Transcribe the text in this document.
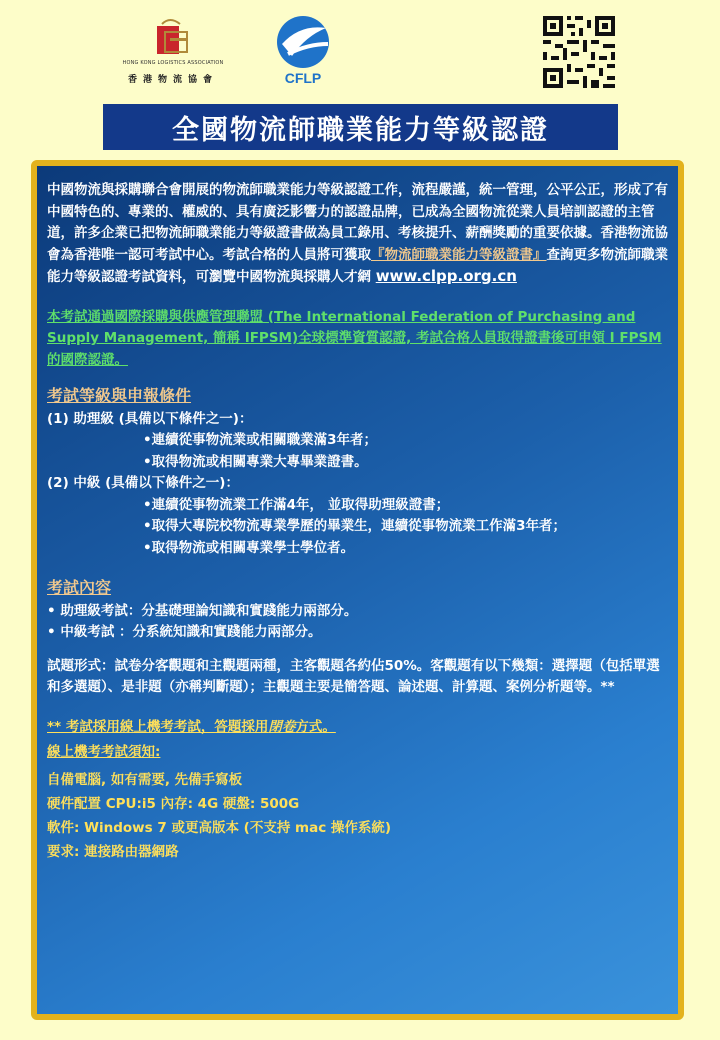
HONG KONG LOGISTICS ASSOCIATION
香港物流協會	CFLP
全國物流師職業能力等級認證

中國物流與採購聯合會開展的物流師職業能力等級認證工作，流程嚴謹，統一管理，公平公正，形成了有中國特色的、專業的、權威的、具有廣泛影響力的認證品牌，已成為全國物流從業人員培訓認證的主管道，許多企業已把物流師職業能力等級證書做為員工錄用、考核提升、薪酬獎勵的重要依據。香港物流協會為香港唯一認可考試中心。考試合格的人員將可獲取『物流師職業能力等級證書』查詢更多物流師職業能力等級認證考試資料，可瀏覽中國物流與採購人才網 www.clpp.org.cn

本考試通過國際採購與供應管理聯盟 (The International Federation of Purchasing and Supply Management, 簡稱 IFPSM)全球標準資質認證, 考試合格人員取得證書後可申領 I FPSM 的國際認證。

考試等級與申報條件
(1) 助理級 (具備以下條件之一)：
•連續從事物流業或相關職業滿3年者；
•取得物流或相關專業大專畢業證書。
(2) 中級 (具備以下條件之一)：
•連續從事物流業工作滿4年， 並取得助理級證書；
•取得大專院校物流專業學歷的畢業生，連續從事物流業工作滿3年者；
•取得物流或相關專業學士學位者。
考試內容
• 助理級考試：分基礎理論知識和實踐能力兩部分。
• 中級考試 ：分系統知識和實踐能力兩部分。

試題形式：試卷分客觀題和主觀題兩種，主客觀題各約佔50%。客觀題有以下幾類：選擇題（包括單選和多選題）、是非題（亦稱判斷題）；主觀題主要是簡答題、論述題、計算題、案例分析題等。**

** 考試採用線上機考考試，答題採用閉卷方式。
線上機考考試須知:
自備電腦, 如有需要, 先備手寫板
硬件配置 CPU:i5 內存: 4G 硬盤: 500G
軟件: Windows 7 或更高版本 (不支持 mac 操作系統)
要求: 連接路由器網路
